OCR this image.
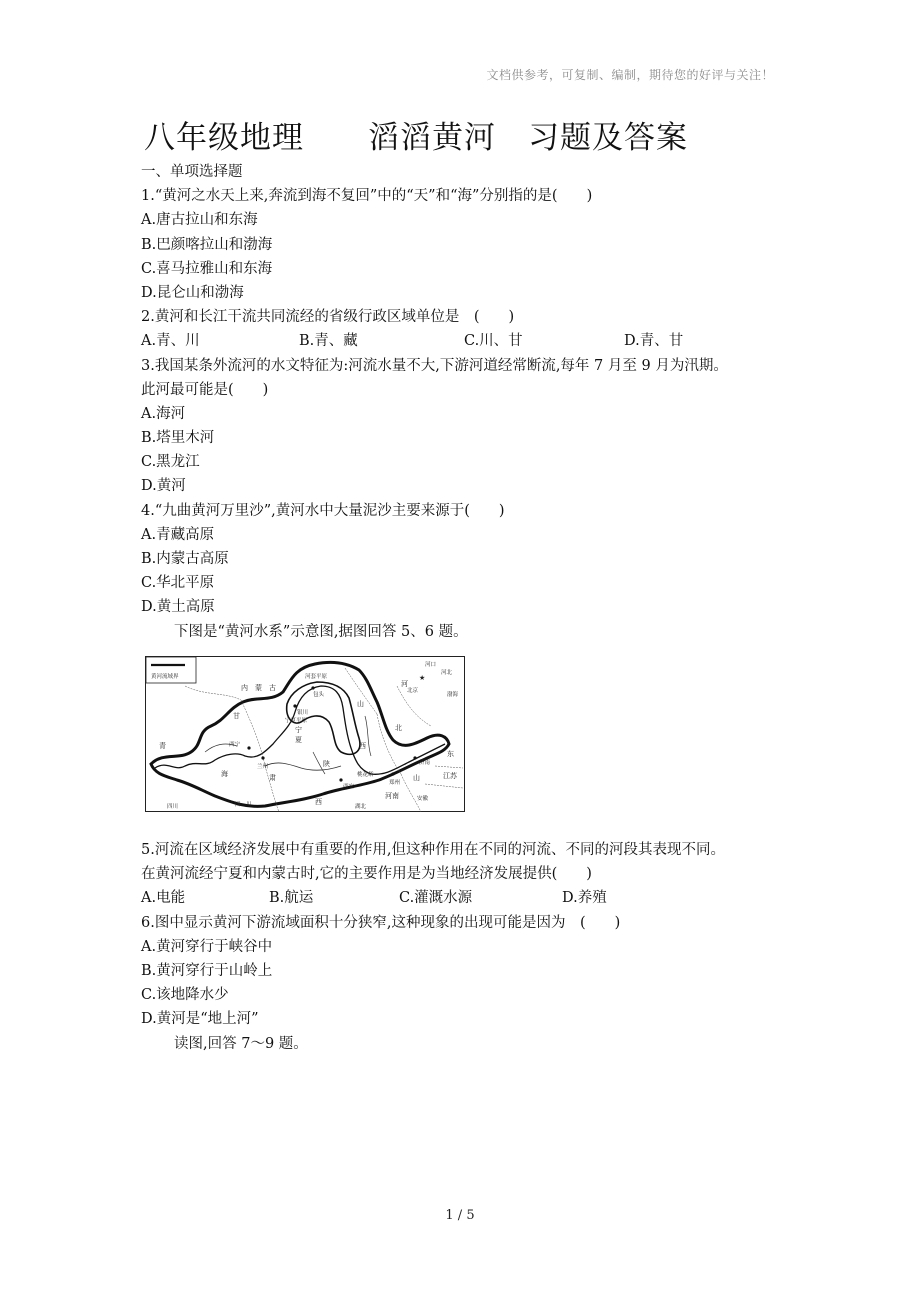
文档供参考，可复制、编制，期待您的好评与关注！
八年级地理　　滔滔黄河　习题及答案
一、单项选择题
1.“黄河之水天上来,奔流到海不复回”中的“天”和“海”分别指的是(　　)
A.唐古拉山和东海
B.巴颜喀拉山和渤海
C.喜马拉雅山和东海
D.昆仑山和渤海
2.黄河和长江干流共同流经的省级行政区域单位是　(　　)
A.青、川	B.青、藏	C.川、甘	D.青、甘
3.我国某条外流河的水文特征为:河流水量不大,下游河道经常断流,每年 7 月至 9 月为汛期。
此河最可能是(　　)
A.海河
B.塔里木河
C.黑龙江
D.黄河
4.“九曲黄河万里沙”,黄河水中大量泥沙主要来源于(　　)
A.青藏高原
B.内蒙古高原
C.华北平原
D.黄土高原
下图是“黄河水系”示意图,据图回答 5、6 题。
黄河流域界	★
内　蒙　古
河套平原
包头
银川
宁夏平原
甘
宁
夏
山
西
陕
青	西宁
兰州
海	肃
西安
桃花峪
郑州
河南
济南
山
东
江苏
安徽
渤海
河北
北京
河
北
河口
四川	四　川	西
湖北
5.河流在区域经济发展中有重要的作用,但这种作用在不同的河流、不同的河段其表现不同。
在黄河流经宁夏和内蒙古时,它的主要作用是为当地经济发展提供(　　)
A.电能	B.航运	C.灌溉水源	D.养殖
6.图中显示黄河下游流域面积十分狭窄,这种现象的出现可能是因为　(　　)
A.黄河穿行于峡谷中
B.黄河穿行于山岭上
C.该地降水少
D.黄河是“地上河”
读图,回答 7～9 题。
1 / 5
